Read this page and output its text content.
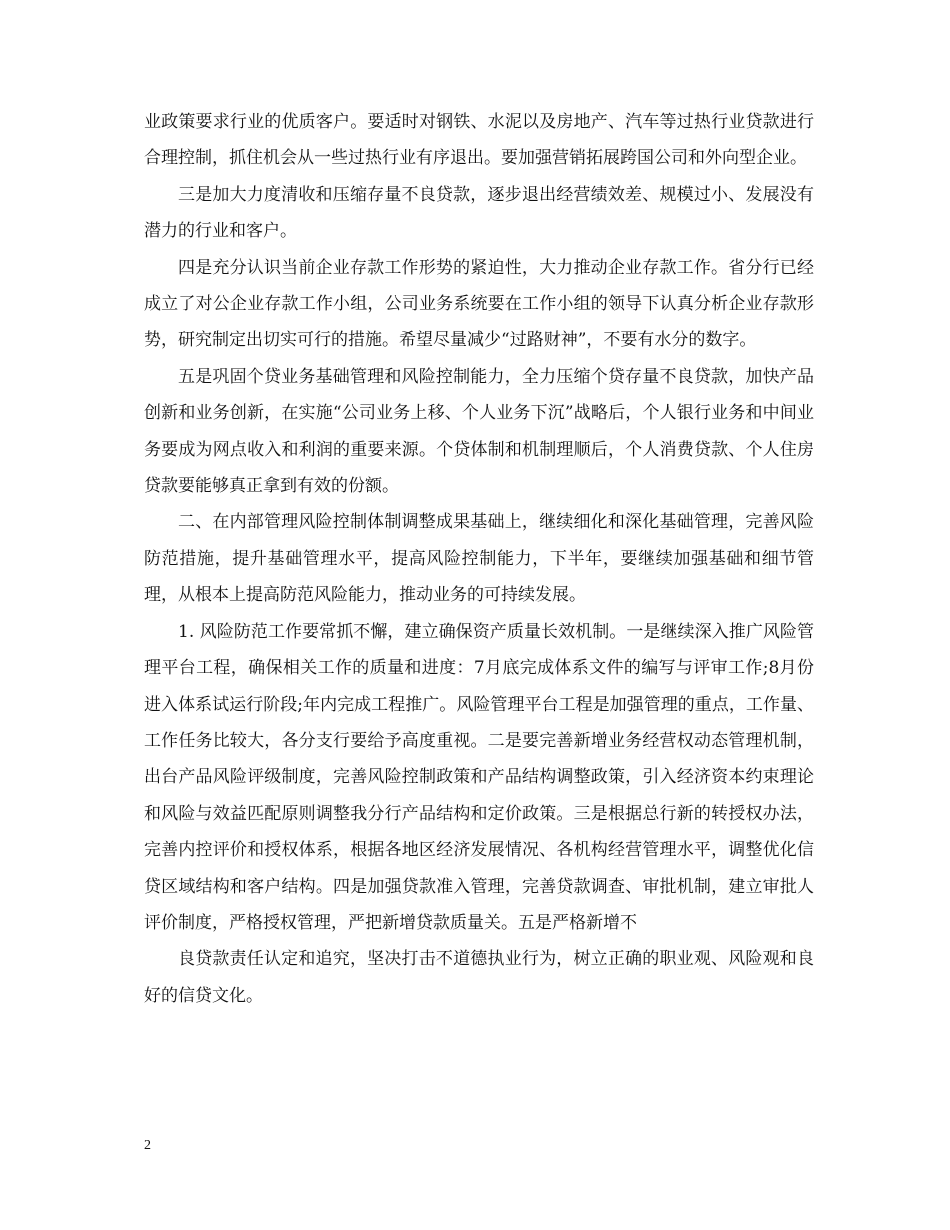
业政策要求行业的优质客户。要适时对钢铁、水泥以及房地产、汽车等过热行业贷款进行合理控制，抓住机会从一些过热行业有序退出。要加强营销拓展跨国公司和外向型企业。

三是加大力度清收和压缩存量不良贷款，逐步退出经营绩效差、规模过小、发展没有潜力的行业和客户。

四是充分认识当前企业存款工作形势的紧迫性，大力推动企业存款工作。省分行已经成立了对公企业存款工作小组，公司业务系统要在工作小组的领导下认真分析企业存款形势，研究制定出切实可行的措施。希望尽量减少“过路财神”，不要有水分的数字。

五是巩固个贷业务基础管理和风险控制能力，全力压缩个贷存量不良贷款，加快产品创新和业务创新，在实施“公司业务上移、个人业务下沉”战略后，个人银行业务和中间业务要成为网点收入和利润的重要来源。个贷体制和机制理顺后，个人消费贷款、个人住房贷款要能够真正拿到有效的份额。

二、在内部管理风险控制体制调整成果基础上，继续细化和深化基础管理，完善风险防范措施，提升基础管理水平，提高风险控制能力，下半年，要继续加强基础和细节管理，从根本上提高防范风险能力，推动业务的可持续发展。

1. 风险防范工作要常抓不懈，建立确保资产质量长效机制。一是继续深入推广风险管理平台工程，确保相关工作的质量和进度：7月底完成体系文件的编写与评审工作;8月份进入体系试运行阶段;年内完成工程推广。风险管理平台工程是加强管理的重点，工作量、工作任务比较大，各分支行要给予高度重视。二是要完善新增业务经营权动态管理机制，出台产品风险评级制度，完善风险控制政策和产品结构调整政策，引入经济资本约束理论和风险与效益匹配原则调整我分行产品结构和定价政策。三是根据总行新的转授权办法，完善内控评价和授权体系，根据各地区经济发展情况、各机构经营管理水平，调整优化信贷区域结构和客户结构。四是加强贷款准入管理，完善贷款调查、审批机制，建立审批人评价制度，严格授权管理，严把新增贷款质量关。五是严格新增不

良贷款责任认定和追究，坚决打击不道德执业行为，树立正确的职业观、风险观和良好的信贷文化。

2
